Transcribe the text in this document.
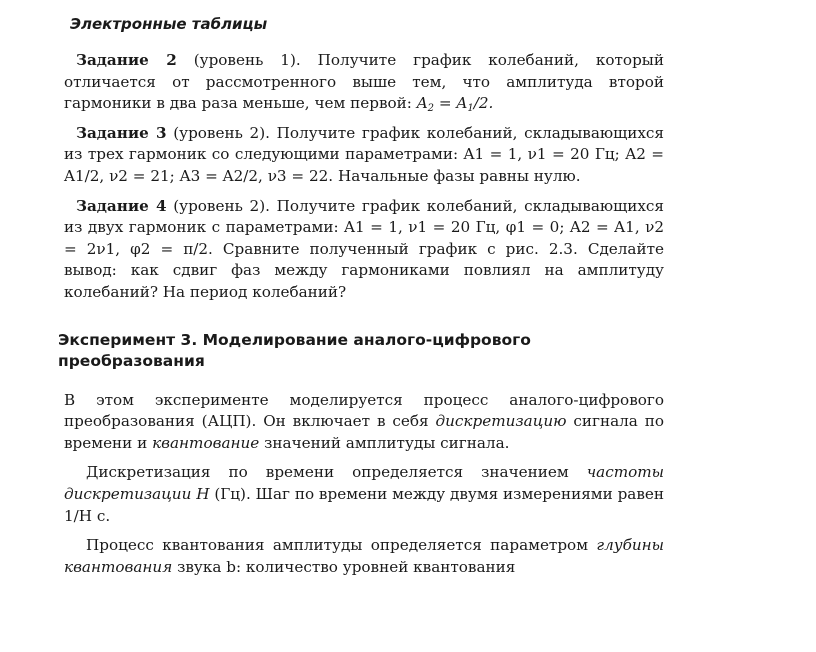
Электронные таблицы

Задание 2 (уровень 1). Получите график колебаний, который отличается от рассмотренного выше тем, что амплитуда второй гармоники в два раза меньше, чем первой: $A_2 = A_1/2$.

Задание 3 (уровень 2). Получите график колебаний, складывающихся из трех гармоник со следующими параметрами: A1 = 1, ν1 = 20 Гц; A2 = A1/2, ν2 = 21; A3 = A2/2, ν3 = 22. Начальные фазы равны нулю.

Задание 4 (уровень 2). Получите график колебаний, складывающихся из двух гармоник с параметрами: A1 = 1, ν1 = 20 Гц, φ1 = 0; A2 = A1, ν2 = 2ν1, φ2 = π/2. Сравните полученный график с рис. 2.3. Сделайте вывод: как сдвиг фаз между гармониками повлиял на амплитуду колебаний? На период колебаний?

Эксперимент 3. Моделирование аналого-цифрового преобразования

В этом эксперименте моделируется процесс аналого-цифрового преобразования (АЦП). Он включает в себя дискретизацию сигнала по времени и квантование значений амплитуды сигнала.

Дискретизация по времени определяется значением частоты дискретизации H (Гц). Шаг по времени между двумя измерениями равен 1/H с.

Процесс квантования амплитуды определяется параметром глубины квантования звука b: количество уровней квантования
